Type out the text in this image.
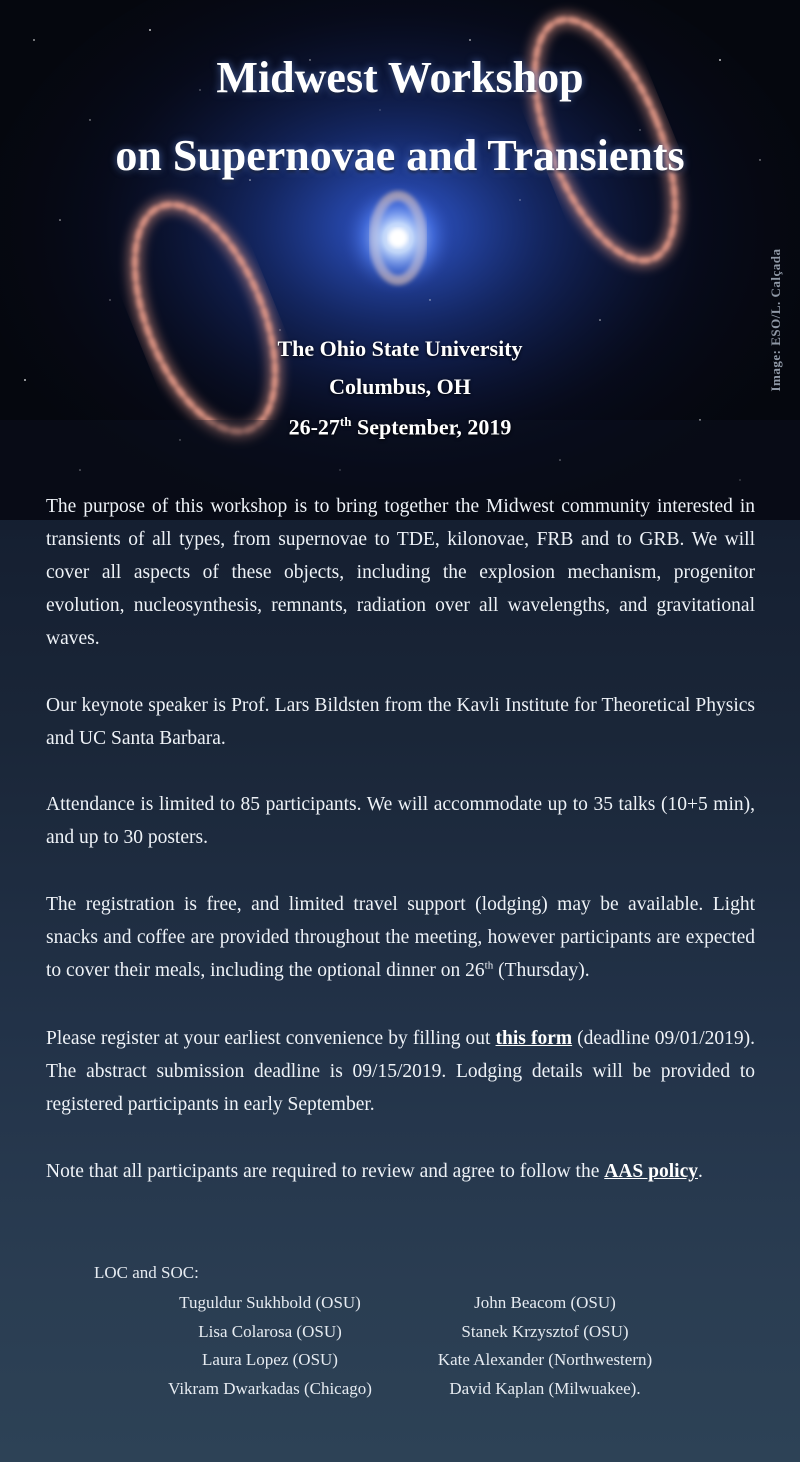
Image: ESO/L. Calçada
Midwest Workshop
on Supernovae and Transients
The Ohio State University
Columbus, OH
26-27th September, 2019
The purpose of this workshop is to bring together the Midwest community interested in transients of all types, from supernovae to TDE, kilonovae, FRB and to GRB. We will cover all aspects of these objects, including the explosion mechanism, progenitor evolution, nucleosynthesis, remnants, radiation over all wavelengths, and gravitational waves.
Our keynote speaker is Prof. Lars Bildsten from the Kavli Institute for Theoretical Physics and UC Santa Barbara.
Attendance is limited to 85 participants. We will accommodate up to 35 talks (10+5 min), and up to 30 posters.
The registration is free, and limited travel support (lodging) may be available. Light snacks and coffee are provided throughout the meeting, however participants are expected to cover their meals, including the optional dinner on 26th (Thursday).
Please register at your earliest convenience by filling out this form (deadline 09/01/2019). The abstract submission deadline is 09/15/2019. Lodging details will be provided to registered participants in early September.
Note that all participants are required to review and agree to follow the AAS policy.
LOC and SOC:
Tuguldur Sukhbold (OSU)
Lisa Colarosa (OSU)
Laura Lopez (OSU)
Vikram Dwarkadas (Chicago)
John Beacom (OSU)
Stanek Krzysztof (OSU)
Kate Alexander (Northwestern)
David Kaplan (Milwuakee).
